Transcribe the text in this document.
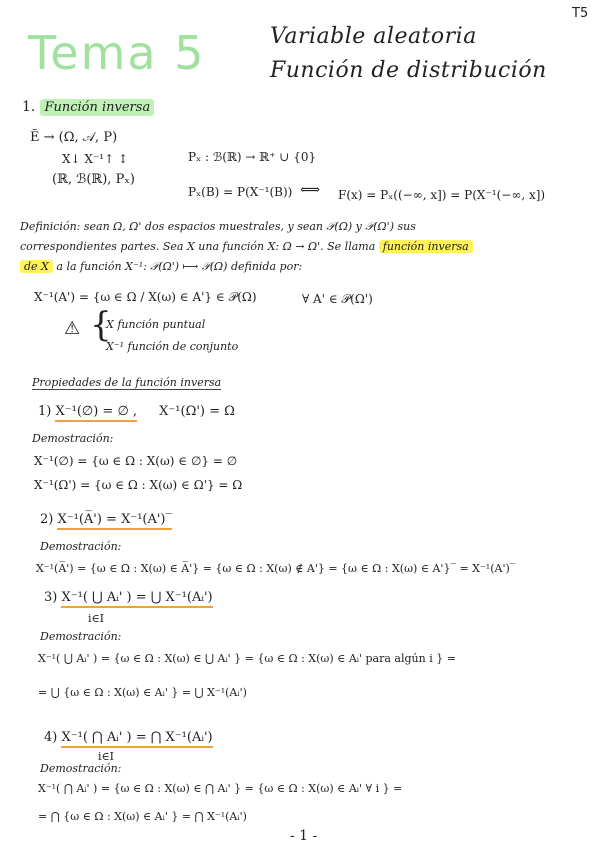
Tema 5
T5
Variable aleatoria
Función de distribución
1. Función inversa
Ẽ → (Ω, 𝒜, P)
X↓ X⁻¹↑ ↕
(ℝ, ℬ(ℝ), Pₓ)
Pₓ : ℬ(ℝ) → ℝ⁺ ∪ {0}
Pₓ(B) = P(X⁻¹(B)) ⟺ F(x) = Pₓ((−∞, x]) = P(X⁻¹(−∞, x])
Definición: sean Ω, Ω' dos espacios muestrales, y sean 𝒫(Ω) y 𝒫(Ω') sus
correspondientes partes. Sea X una función X: Ω → Ω'. Se llama función inversa
de X a la función X⁻¹: 𝒫(Ω') ⟼ 𝒫(Ω) definida por:
X⁻¹(A') = {ω ∈ Ω / X(ω) ∈ A'} ∈ 𝒫(Ω)	∀ A' ∈ 𝒫(Ω')
⚠ {
X función puntual
X⁻¹ función de conjunto
Propiedades de la función inversa
1) X⁻¹(∅) = ∅ , X⁻¹(Ω') = Ω
Demostración:
X⁻¹(∅) = {ω ∈ Ω : X(ω) ∈ ∅} = ∅
X⁻¹(Ω') = {ω ∈ Ω : X(ω) ∈ Ω'} = Ω
2) X⁻¹(A̅') = X⁻¹(A')‾
Demostración:
X⁻¹(A̅') = {ω ∈ Ω : X(ω) ∈ A̅'} = {ω ∈ Ω : X(ω) ∉ A'} = {ω ∈ Ω : X(ω) ∈ A'}‾ = X⁻¹(A')‾
3) X⁻¹( ⋃ Aᵢ' ) = ⋃ X⁻¹(Aᵢ')
i∈I
Demostración:
X⁻¹( ⋃ Aᵢ' ) = {ω ∈ Ω : X(ω) ∈ ⋃ Aᵢ' } = {ω ∈ Ω : X(ω) ∈ Aᵢ' para algún i } =
= ⋃ {ω ∈ Ω : X(ω) ∈ Aᵢ' } = ⋃ X⁻¹(Aᵢ')
4) X⁻¹( ⋂ Aᵢ' ) = ⋂ X⁻¹(Aᵢ')
i∈I
Demostración:
X⁻¹( ⋂ Aᵢ' ) = {ω ∈ Ω : X(ω) ∈ ⋂ Aᵢ' } = {ω ∈ Ω : X(ω) ∈ Aᵢ' ∀ i } =
= ⋂ {ω ∈ Ω : X(ω) ∈ Aᵢ' } = ⋂ X⁻¹(Aᵢ')
- 1 -
